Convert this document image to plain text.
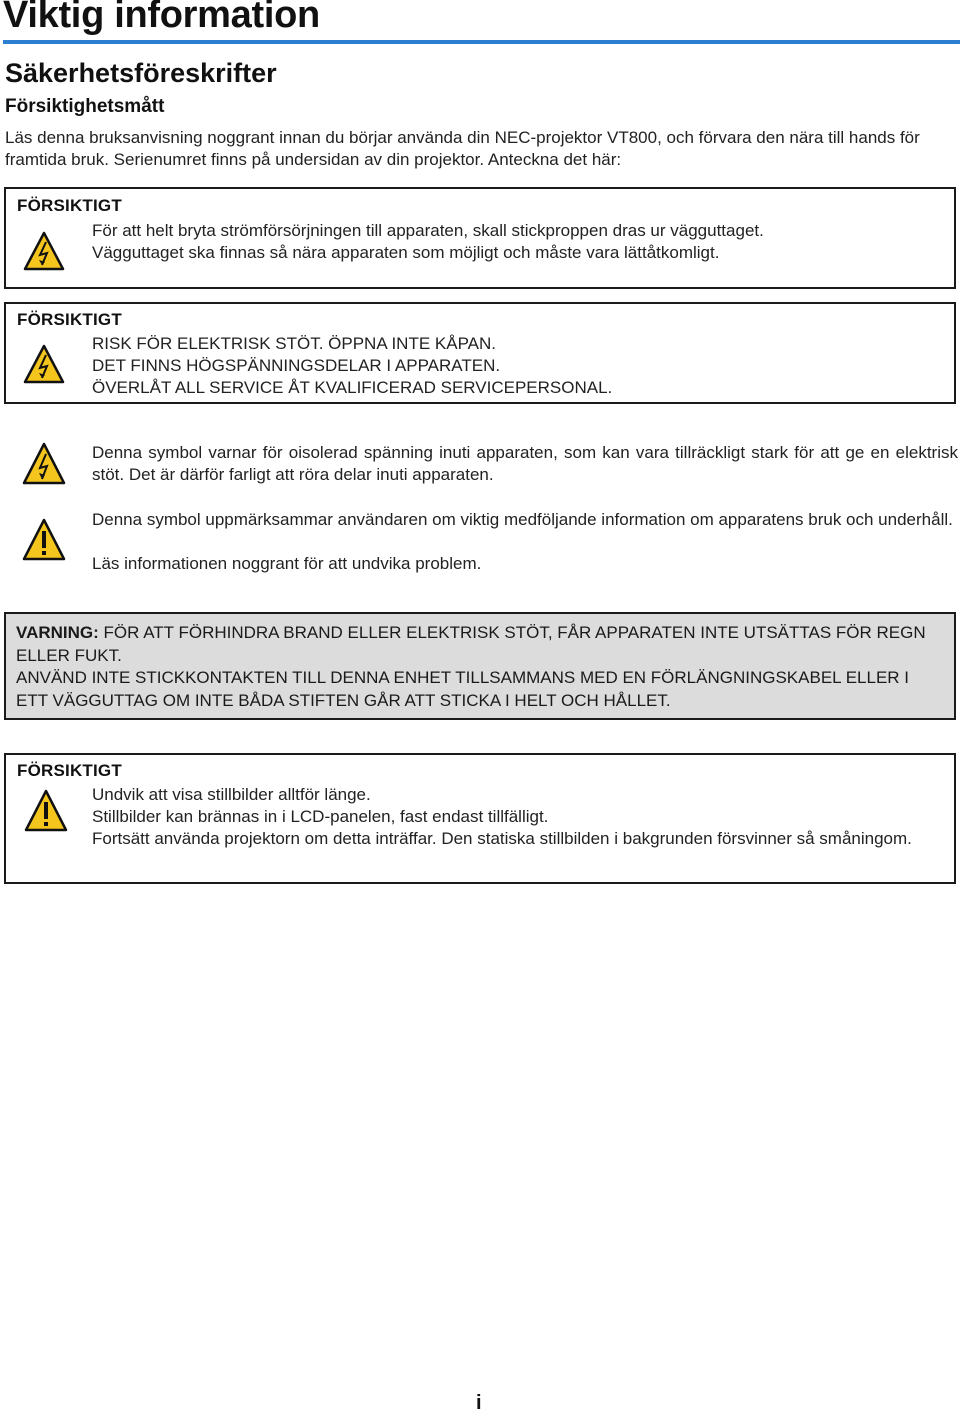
Viktig information
Säkerhetsföreskrifter
Försiktighetsmått

Läs denna bruksanvisning noggrant innan du börjar använda din NEC-projektor VT800, och förvara den nära till hands för framtida bruk. Serienumret finns på undersidan av din projektor. Anteckna det här:

FÖRSIKTIGT

För att helt bryta strömförsörjningen till apparaten, skall stickproppen dras ur vägguttaget.

Vägguttaget ska finnas så nära apparaten som möjligt och måste vara lättåtkomligt.

FÖRSIKTIGT

RISK FÖR ELEKTRISK STÖT. ÖPPNA INTE KÅPAN.

DET FINNS HÖGSPÄNNINGSDELAR I APPARATEN.

ÖVERLÅT ALL SERVICE ÅT KVALIFICERAD SERVICEPERSONAL.

Denna symbol varnar för oisolerad spänning inuti apparaten, som kan vara tillräckligt stark för att ge en elektrisk stöt. Det är därför farligt att röra delar inuti apparaten.

Denna symbol uppmärksammar användaren om viktig medföljande information om apparatens bruk och underhåll.

Läs informationen noggrant för att undvika problem.

VARNING: FÖR ATT FÖRHINDRA BRAND ELLER ELEKTRISK STÖT, FÅR APPARATEN INTE UTSÄTTAS FÖR REGN ELLER FUKT.

ANVÄND INTE STICKKONTAKTEN TILL DENNA ENHET TILLSAMMANS MED EN FÖRLÄNGNINGSKABEL ELLER I ETT VÄGGUTTAG OM INTE BÅDA STIFTEN GÅR ATT STICKA I HELT OCH HÅLLET.

FÖRSIKTIGT

Undvik att visa stillbilder alltför länge.

Stillbilder kan brännas in i LCD-panelen, fast endast tillfälligt.

Fortsätt använda projektorn om detta inträffar. Den statiska stillbilden i bakgrunden försvinner så småningom.

i
